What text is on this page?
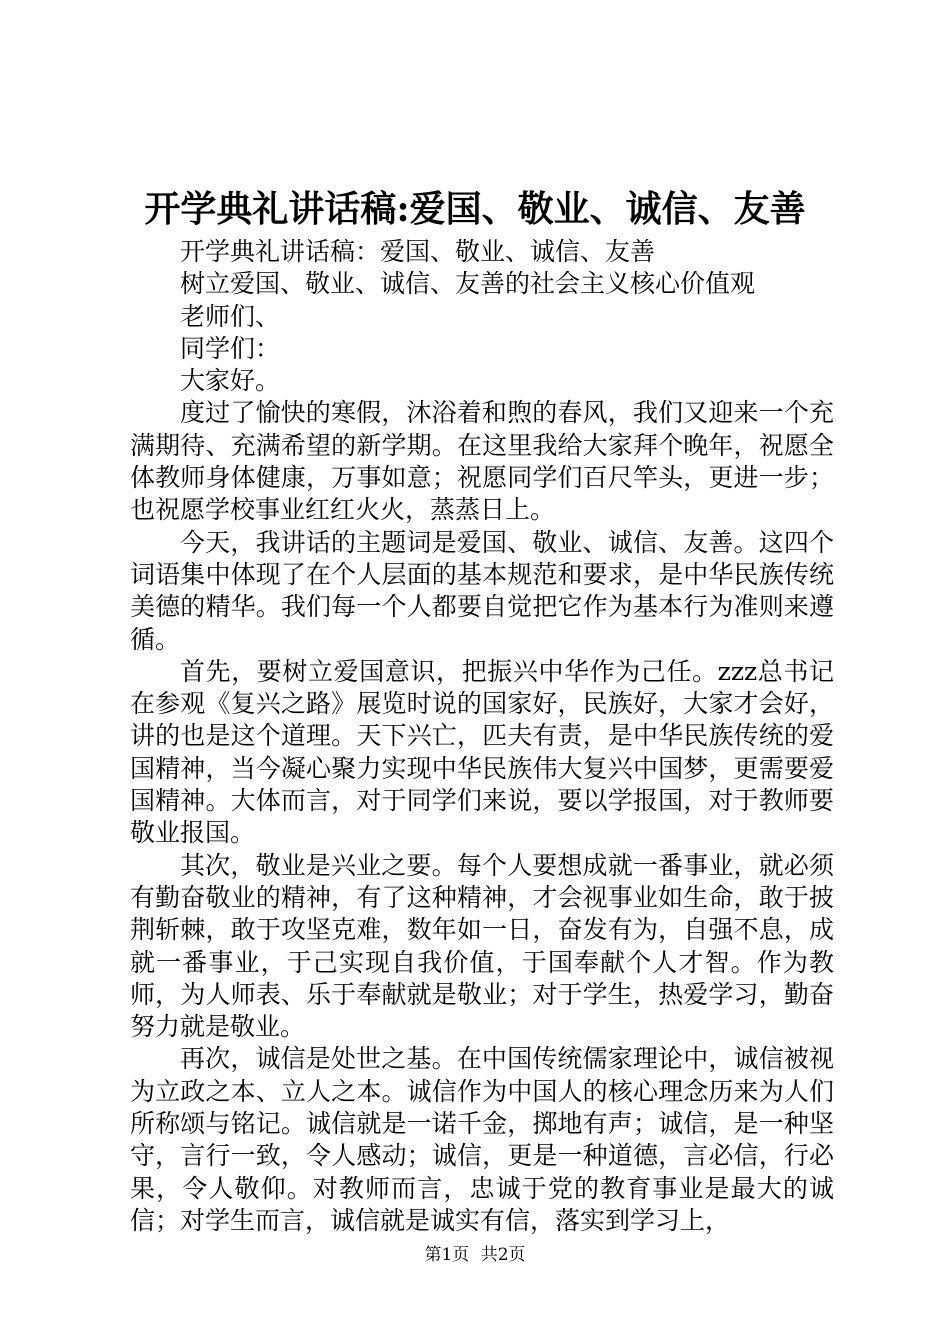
开学典礼讲话稿:爱国、敬业、诚信、友善

开学典礼讲话稿：爱国、敬业、诚信、友善

树立爱国、敬业、诚信、友善的社会主义核心价值观

老师们、

同学们：

大家好。

度过了愉快的寒假，沐浴着和煦的春风，我们又迎来一个充满期待、充满希望的新学期。在这里我给大家拜个晚年，祝愿全体教师身体健康，万事如意；祝愿同学们百尺竿头，更进一步；也祝愿学校事业红红火火，蒸蒸日上。

今天，我讲话的主题词是爱国、敬业、诚信、友善。这四个词语集中体现了在个人层面的基本规范和要求，是中华民族传统美德的精华。我们每一个人都要自觉把它作为基本行为准则来遵循。

首先，要树立爱国意识，把振兴中华作为己任。zzz总书记在参观《复兴之路》展览时说的国家好，民族好，大家才会好，讲的也是这个道理。天下兴亡，匹夫有责，是中华民族传统的爱国精神，当今凝心聚力实现中华民族伟大复兴中国梦，更需要爱国精神。大体而言，对于同学们来说，要以学报国，对于教师要敬业报国。

其次，敬业是兴业之要。每个人要想成就一番事业，就必须有勤奋敬业的精神，有了这种精神，才会视事业如生命，敢于披荆斩棘，敢于攻坚克难，数年如一日，奋发有为，自强不息，成就一番事业，于己实现自我价值，于国奉献个人才智。作为教师，为人师表、乐于奉献就是敬业；对于学生，热爱学习，勤奋努力就是敬业。

再次，诚信是处世之基。在中国传统儒家理论中，诚信被视为立政之本、立人之本。诚信作为中国人的核心理念历来为人们所称颂与铭记。诚信就是一诺千金，掷地有声；诚信，是一种坚守，言行一致，令人感动；诚信，更是一种道德，言必信，行必果，令人敬仰。对教师而言，忠诚于党的教育事业是最大的诚信；对学生而言，诚信就是诚实有信，落实到学习上，

第1页 共2页
